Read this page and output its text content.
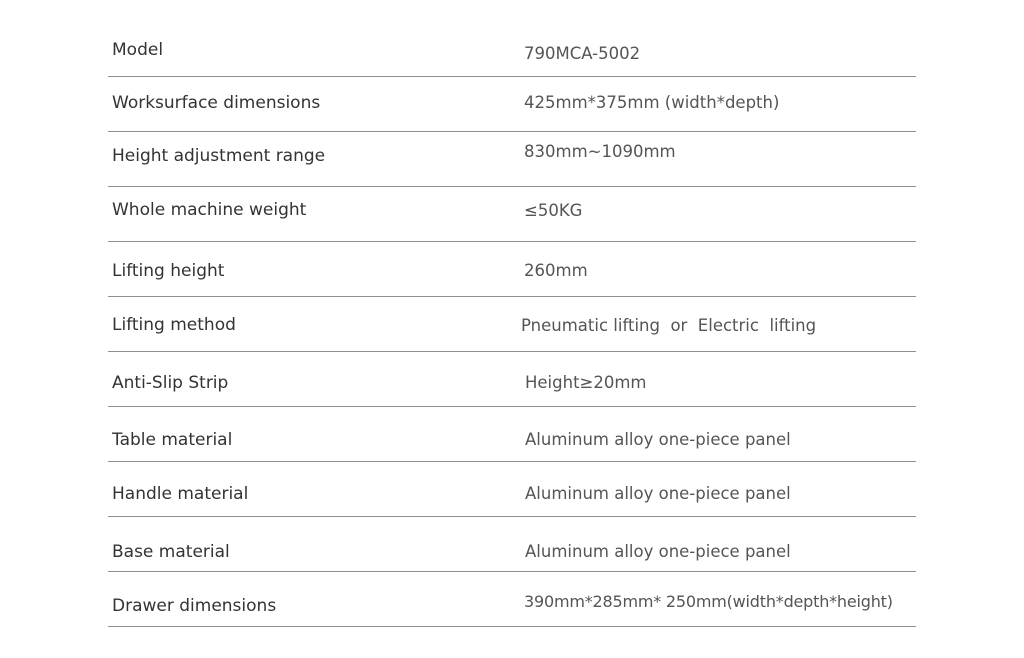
Model	790MCA-5002
Worksurface dimensions	425mm*375mm (width*depth)
Height adjustment range	830mm~1090mm
Whole machine weight	≤50KG
Lifting height	260mm
Lifting method	Pneumatic lifting  or  Electric  lifting
Anti-Slip Strip	Height≥20mm
Table material	Aluminum alloy one-piece panel
Handle material	Aluminum alloy one-piece panel
Base material	Aluminum alloy one-piece panel
Drawer dimensions	390mm*285mm* 250mm(width*depth*height)
